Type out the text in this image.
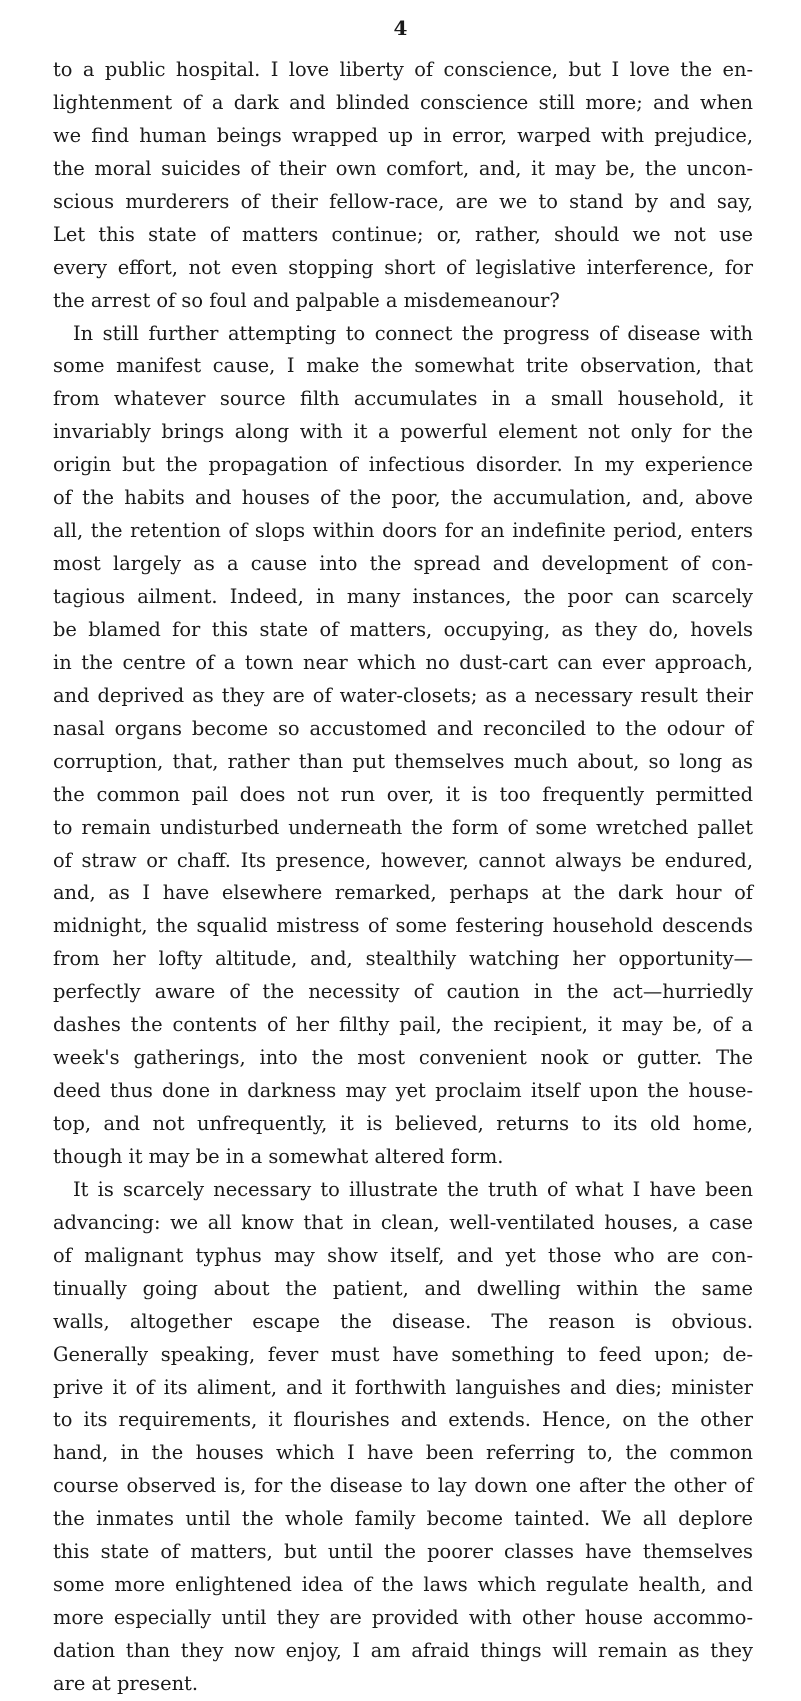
4
to a public hospital. I love liberty of conscience, but I love the en-
lightenment of a dark and blinded conscience still more; and when
we find human beings wrapped up in error, warped with prejudice,
the moral suicides of their own comfort, and, it may be, the uncon-
scious murderers of their fellow-race, are we to stand by and say,
Let this state of matters continue; or, rather, should we not use
every effort, not even stopping short of legislative interference, for
the arrest of so foul and palpable a misdemeanour?
In still further attempting to connect the progress of disease with
some manifest cause, I make the somewhat trite observation, that
from whatever source filth accumulates in a small household, it
invariably brings along with it a powerful element not only for the
origin but the propagation of infectious disorder. In my experience
of the habits and houses of the poor, the accumulation, and, above
all, the retention of slops within doors for an indefinite period, enters
most largely as a cause into the spread and development of con-
tagious ailment. Indeed, in many instances, the poor can scarcely
be blamed for this state of matters, occupying, as they do, hovels
in the centre of a town near which no dust-cart can ever approach,
and deprived as they are of water-closets; as a necessary result their
nasal organs become so accustomed and reconciled to the odour of
corruption, that, rather than put themselves much about, so long as
the common pail does not run over, it is too frequently permitted
to remain undisturbed underneath the form of some wretched pallet
of straw or chaff. Its presence, however, cannot always be endured,
and, as I have elsewhere remarked, perhaps at the dark hour of
midnight, the squalid mistress of some festering household descends
from her lofty altitude, and, stealthily watching her opportunity—
perfectly aware of the necessity of caution in the act—hurriedly
dashes the contents of her filthy pail, the recipient, it may be, of a
week's gatherings, into the most convenient nook or gutter. The
deed thus done in darkness may yet proclaim itself upon the house-
top, and not unfrequently, it is believed, returns to its old home,
though it may be in a somewhat altered form.
It is scarcely necessary to illustrate the truth of what I have been
advancing: we all know that in clean, well-ventilated houses, a case
of malignant typhus may show itself, and yet those who are con-
tinually going about the patient, and dwelling within the same
walls, altogether escape the disease. The reason is obvious.
Generally speaking, fever must have something to feed upon; de-
prive it of its aliment, and it forthwith languishes and dies; minister
to its requirements, it flourishes and extends. Hence, on the other
hand, in the houses which I have been referring to, the common
course observed is, for the disease to lay down one after the other of
the inmates until the whole family become tainted. We all deplore
this state of matters, but until the poorer classes have themselves
some more enlightened idea of the laws which regulate health, and
more especially until they are provided with other house accommo-
dation than they now enjoy, I am afraid things will remain as they
are at present.
